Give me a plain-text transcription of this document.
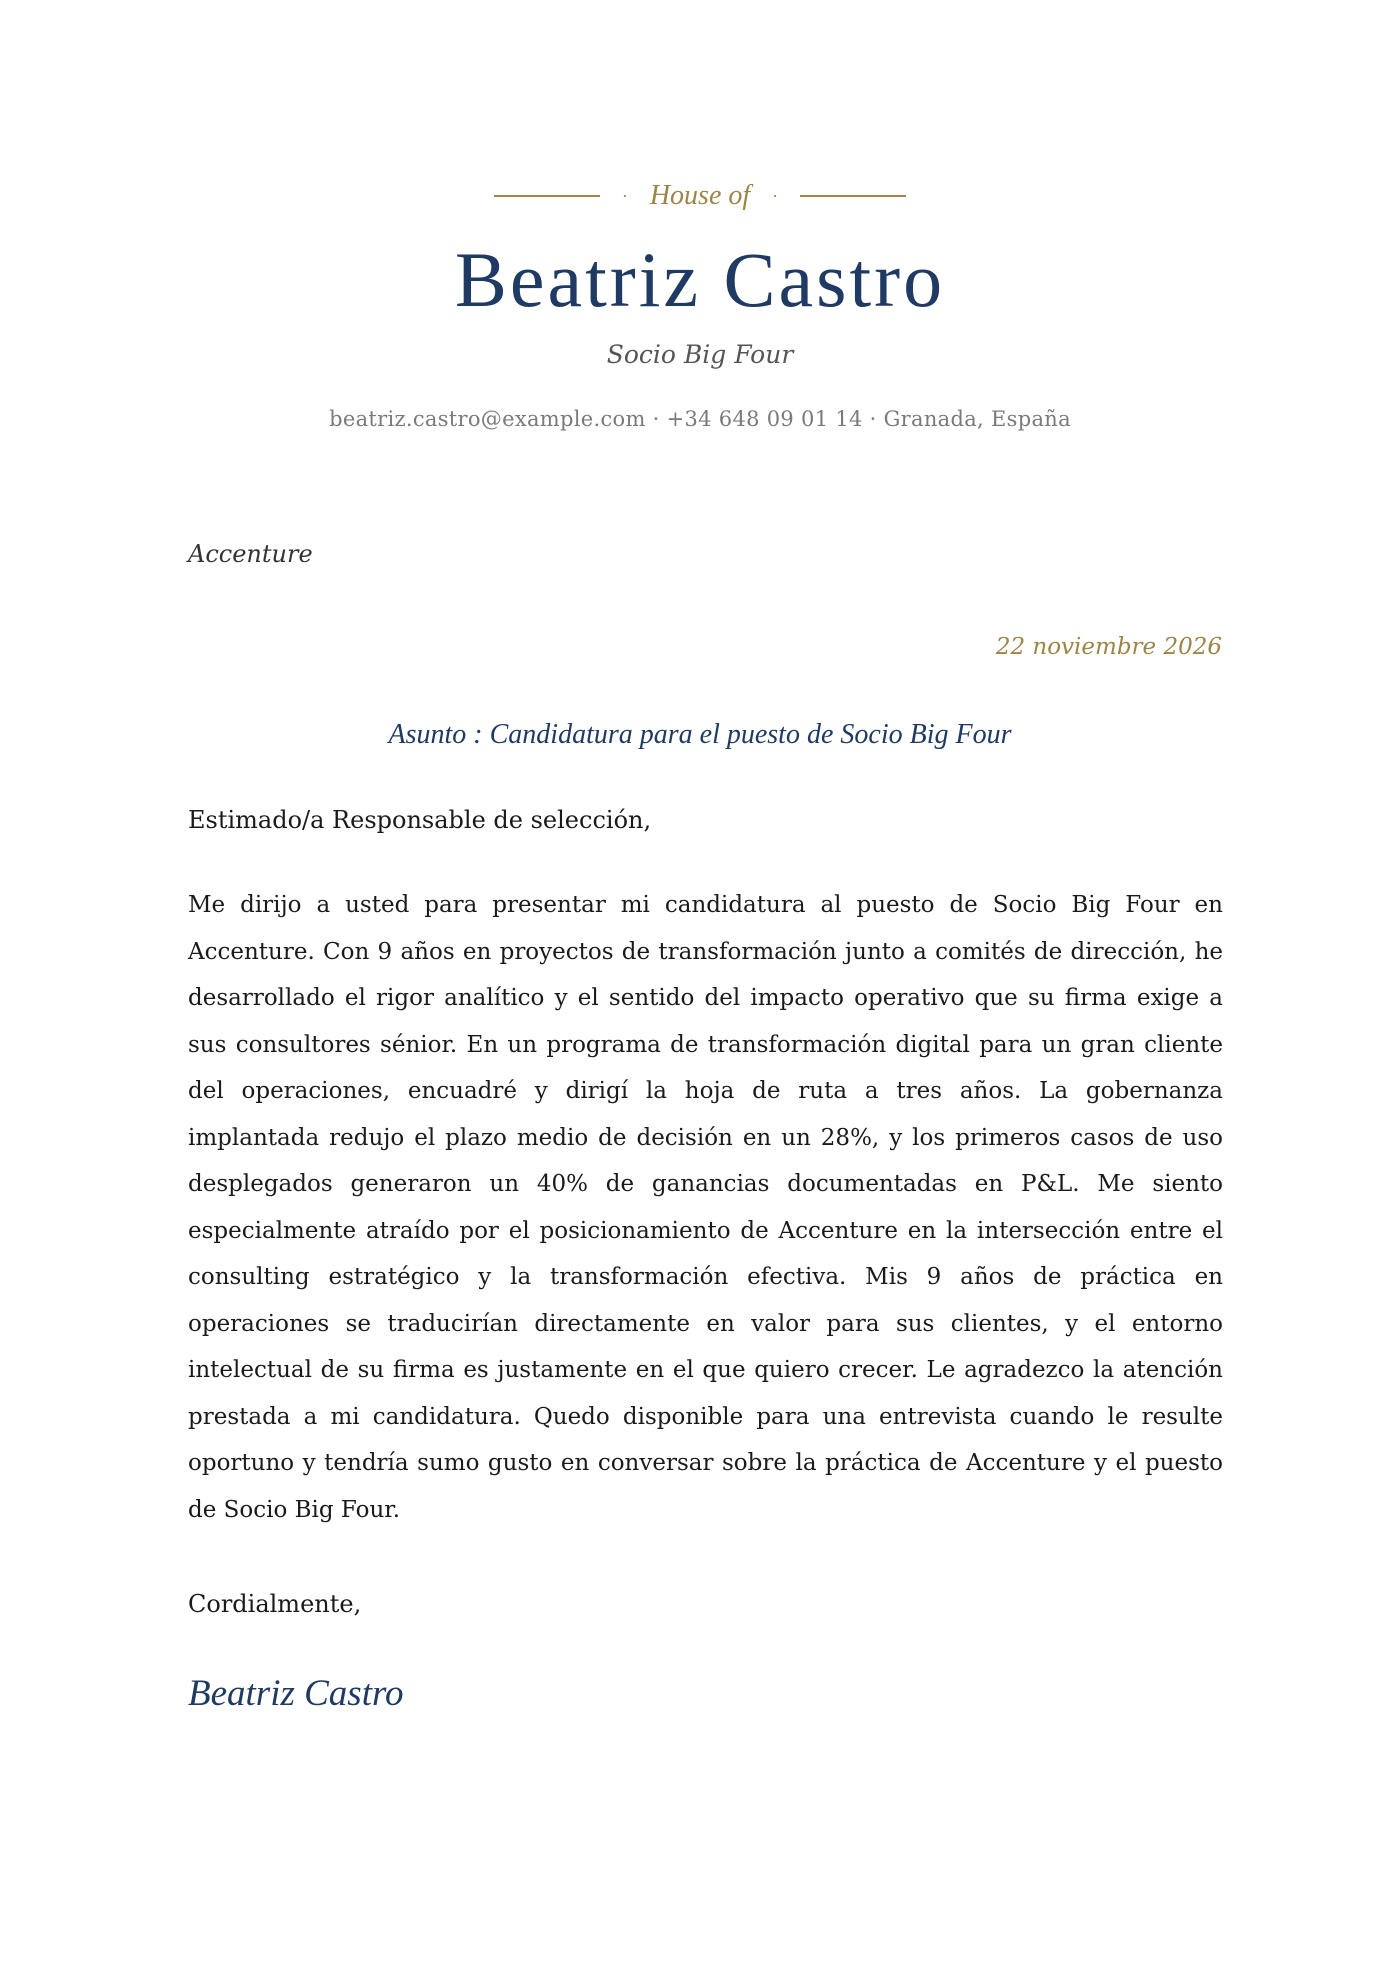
· House of ·
Beatriz Castro
Socio Big Four
beatriz.castro@example.com · +34 648 09 01 14 · Granada, España
Accenture
22 noviembre 2026
Asunto : Candidatura para el puesto de Socio Big Four
Estimado/a Responsable de selección,

Me dirijo a usted para presentar mi candidatura al puesto de Socio Big Four en Accenture. Con 9 años en proyectos de transformación junto a comités de dirección, he desarrollado el rigor analítico y el sentido del impacto operativo que su firma exige a sus consultores sénior. En un programa de transformación digital para un gran cliente del operaciones, encuadré y dirigí la hoja de ruta a tres años. La gobernanza implantada redujo el plazo medio de decisión en un 28%, y los primeros casos de uso desplegados generaron un 40% de ganancias documentadas en P&L. Me siento especialmente atraído por el posicionamiento de Accenture en la intersección entre el consulting estratégico y la transformación efectiva. Mis 9 años de práctica en operaciones se traducirían directamente en valor para sus clientes, y el entorno intelectual de su firma es justamente en el que quiero crecer. Le agradezco la atención prestada a mi candidatura. Quedo disponible para una entrevista cuando le resulte oportuno y tendría sumo gusto en conversar sobre la práctica de Accenture y el puesto de Socio Big Four.

Cordialmente,
Beatriz Castro
